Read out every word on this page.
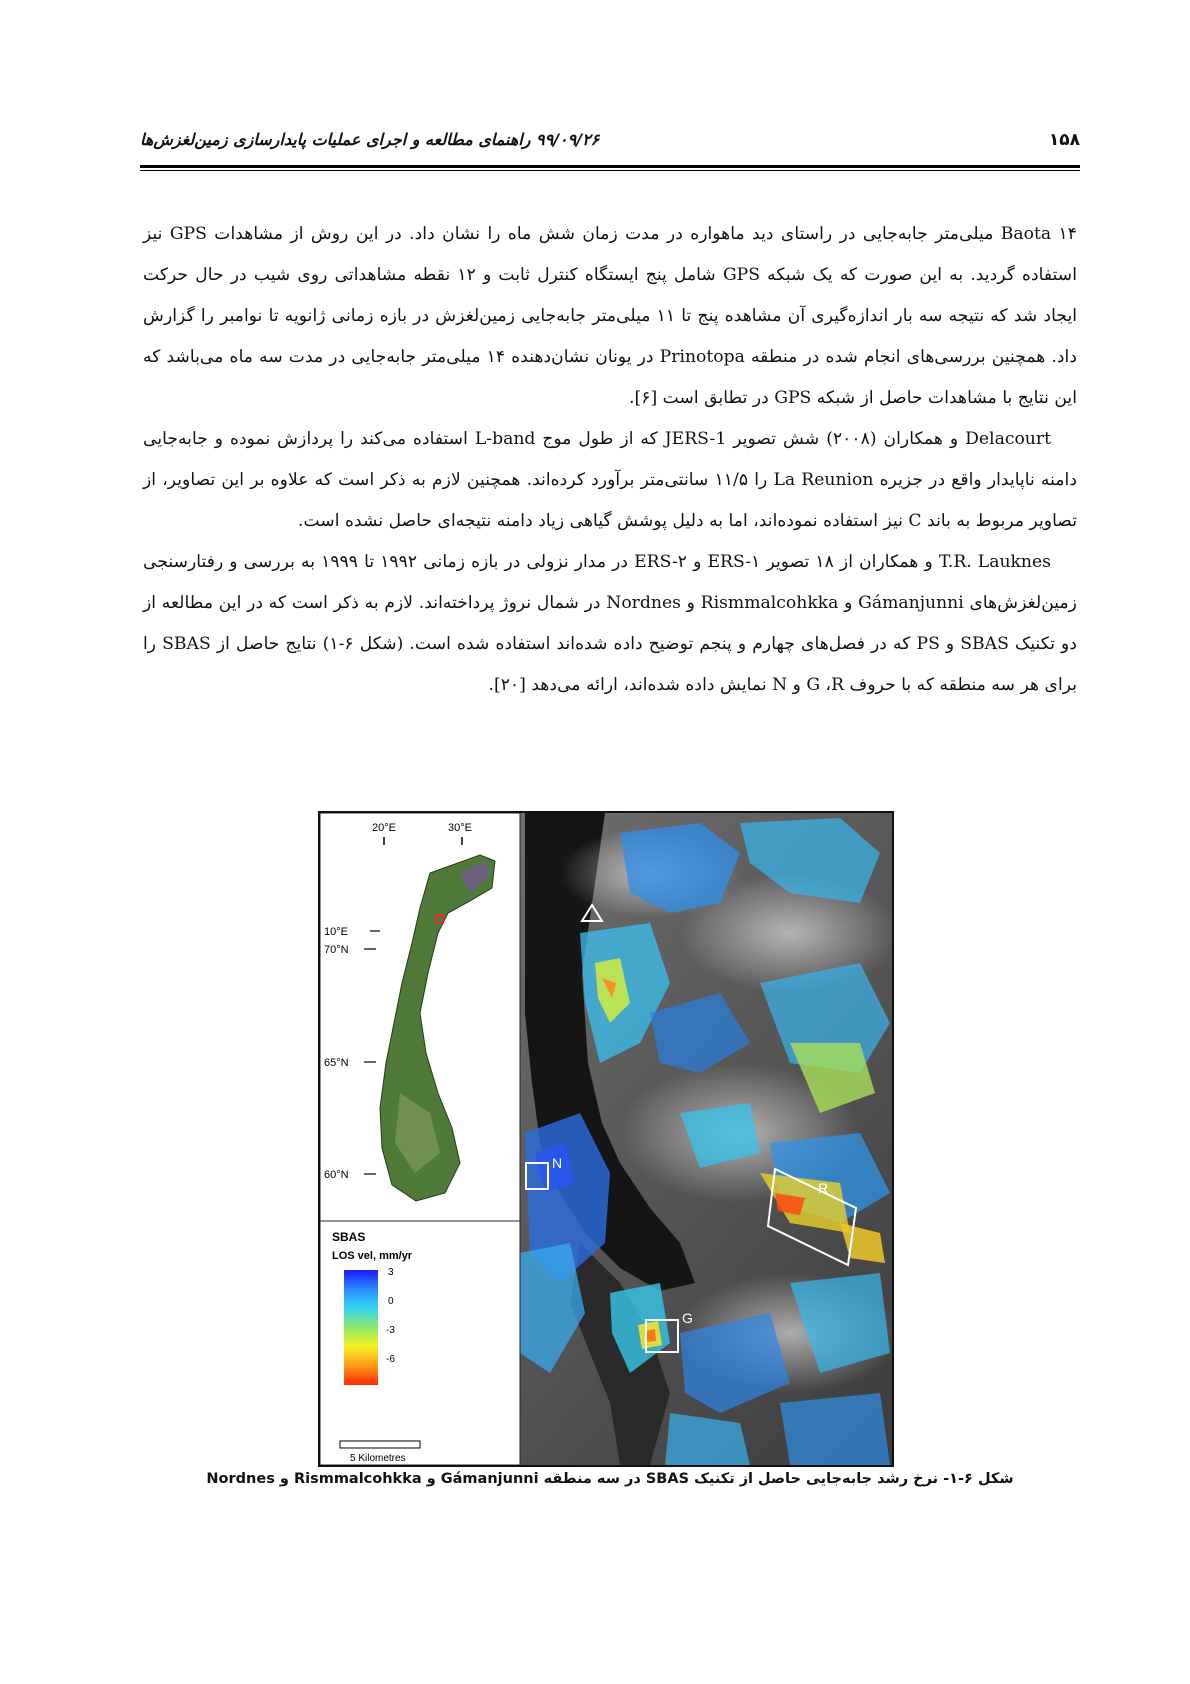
۱۵۸
۹۹/۰۹/۲۶ راهنمای مطالعه و اجرای عملیات پایدارسازی زمین‌لغزش‌ها

Baota ۱۴ میلی‌متر جابه‌جایی در راستای دید ماهواره در مدت زمان شش ماه را نشان داد. در این روش از مشاهدات GPS نیز استفاده گردید. به این صورت که یک شبکه GPS شامل پنج ایستگاه کنترل ثابت و ۱۲ نقطه مشاهداتی روی شیب در حال حرکت ایجاد شد که نتیجه سه بار اندازه‌گیری آن مشاهده پنج تا ۱۱ میلی‌متر جابه‌جایی زمین‌لغزش در بازه زمانی ژانویه تا نوامبر را گزارش داد. همچنین بررسی‌های انجام شده در منطقه Prinotopa در یونان نشان‌دهنده ۱۴ میلی‌متر جابه‌جایی در مدت سه ماه می‌باشد که این نتایج با مشاهدات حاصل از شبکه GPS در تطابق است [۶].

Delacourt و همکاران (۲۰۰۸) شش تصویر JERS-1 که از طول موج L-band استفاده می‌کند را پردازش نموده و جابه‌جایی دامنه ناپایدار واقع در جزیره La Reunion را ۱۱/۵ سانتی‌متر برآورد کرده‌اند. همچنین لازم به ذکر است که علاوه بر این تصاویر، از تصاویر مربوط به باند C نیز استفاده نموده‌اند، اما به دلیل پوشش گیاهی زیاد دامنه نتیجه‌ای حاصل نشده است.

T.R. Lauknes و همکاران از ۱۸ تصویر ERS-۱ و ERS-۲ در مدار نزولی در بازه زمانی ۱۹۹۲ تا ۱۹۹۹ به بررسی و رفتارسنجی زمین‌لغزش‌های Gámanjunni و Rismmalcohkka و Nordnes در شمال نروژ پرداخته‌اند. لازم به ذکر است که در این مطالعه از دو تکنیک SBAS و PS که در فصل‌های چهارم و پنجم توضیح داده شده‌اند استفاده شده است. (شکل ۶-۱) نتایج حاصل از SBAS را برای هر سه منطقه که با حروف G ،R و N نمایش داده شده‌اند، ارائه می‌دهد [۲۰].

N
R
G
20°E	30°E
10°E
70°N
65°N
60°N
SBAS
LOS vel, mm/yr
3
0
-3
-6
5 Kilometres
شکل ۶-۱- نرخ رشد جابه‌جایی حاصل از تکنیک SBAS در سه منطقه Gámanjunni و Rismmalcohkka و Nordnes
